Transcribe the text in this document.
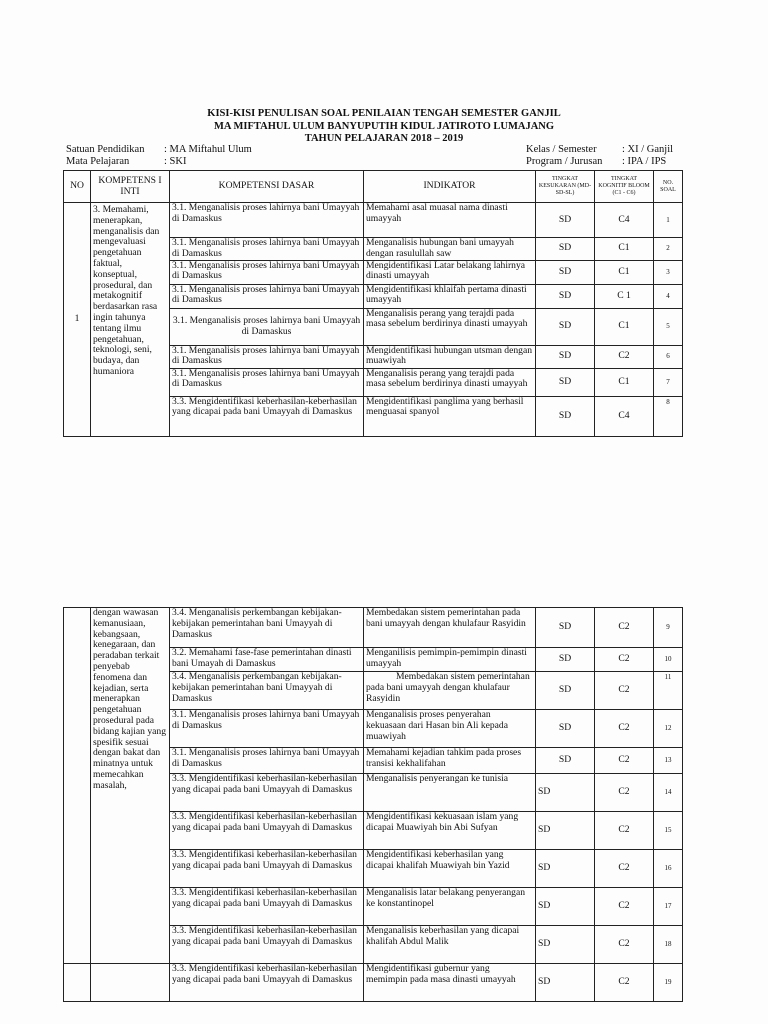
KISI-KISI PENULISAN SOAL PENILAIAN TENGAH SEMESTER GANJIL
MA MIFTAHUL ULUM BANYUPUTIH KIDUL JATIROTO LUMAJANG
TAHUN PELAJARAN 2018 – 2019
Satuan Pendidikan : MA Miftahul Ulum
Mata Pelajaran	: SKI
Kelas / Semester : XI / Ganjil
Program / Jurusan : IPA / IPS
NO	KOMPETENS I INTI	KOMPETENSI DASAR	INDIKATOR	TINGKAT KESUKARAN (MD-SD-SL)	TINGKAT KOGNITIF BLOOM (C1 - C6)	NO. SOAL
1	3. Memahami, menerapkan, menganalisis dan mengevaluasi pengetahuan faktual, konseptual, prosedural, dan metakognitif berdasarkan rasa ingin tahunya tentang ilmu pengetahuan, teknologi, seni, budaya, dan humaniora	3.1. Menganalisis proses lahirnya bani Umayyah di Damaskus	Memahami asal muasal nama dinasti umayyah	SD	C4	1
		3.1. Menganalisis proses lahirnya bani Umayyah di Damaskus	Menganalisis hubungan bani umayyah dengan rasulullah saw	SD	C1	2
		3.1. Menganalisis proses lahirnya bani Umayyah di Damaskus	Mengidentifikasi Latar belakang lahirnya dinasti umayyah	SD	C1	3
		3.1. Menganalisis proses lahirnya bani Umayyah di Damaskus	Mengidentifikasi khlaifah pertama dinasti umayyah	SD	C 1	4
		3.1. Menganalisis proses lahirnya bani Umayyah di Damaskus	Menganalisis perang yang terajdi pada masa sebelum berdirinya dinasti umayyah	SD	C1	5
		3.1. Menganalisis proses lahirnya bani Umayyah di Damaskus	Mengidentifikasi hubungan utsman dengan muawiyah	SD	C2	6
		3.1. Menganalisis proses lahirnya bani Umayyah di Damaskus	Menganalisis perang yang terajdi pada masa sebelum berdirinya dinasti umayyah	SD	C1	7
		3.3. Mengidentifikasi keberhasilan-keberhasilan yang dicapai pada bani Umayyah di Damaskus	Mengidentifikasi panglima yang berhasil menguasai spanyol	SD	C4	8
	dengan wawasan kemanusiaan, kebangsaan, kenegaraan, dan peradaban terkait penyebab fenomena dan kejadian, serta menerapkan pengetahuan prosedural pada bidang kajian yang spesifik sesuai dengan bakat dan minatnya untuk memecahkan masalah,	3.4. Menganalisis perkembangan kebijakan-kebijakan pemerintahan bani Umayyah di Damaskus	Membedakan sistem pemerintahan pada bani umayyah dengan khulafaur Rasyidin	SD	C2	9
		3.2. Memahami fase-fase pemerintahan dinasti bani Umayah di Damaskus	Menganilisis pemimpin-pemimpin dinasti umayyah	SD	C2	10
		3.4. Menganalisis perkembangan kebijakan-kebijakan pemerintahan bani Umayyah di Damaskus	Membedakan sistem pemerintahan pada bani umayyah dengan khulafaur Rasyidin	SD	C2	11
		3.1. Menganalisis proses lahirnya bani Umayyah di Damaskus	Menganalisis proses penyerahan kekuasaan dari Hasan bin Ali kepada muawiyah	SD	C2	12
		3.1. Menganalisis proses lahirnya bani Umayyah di Damaskus	Memahami kejadian tahkim pada proses transisi kekhalifahan	SD	C2	13
		3.3. Mengidentifikasi keberhasilan-keberhasilan yang dicapai pada bani Umayyah di Damaskus	Menganalisis penyerangan ke tunisia	SD	C2	14
		3.3. Mengidentifikasi keberhasilan-keberhasilan yang dicapai pada bani Umayyah di Damaskus	Mengidentifikasi kekuasaan islam yang dicapai Muawiyah bin Abi Sufyan	SD	C2	15
		3.3. Mengidentifikasi keberhasilan-keberhasilan yang dicapai pada bani Umayyah di Damaskus	Mengidentifikasi keberhasilan yang dicapai khalifah Muawiyah bin Yazid	SD	C2	16
		3.3. Mengidentifikasi keberhasilan-keberhasilan yang dicapai pada bani Umayyah di Damaskus	Menganalisis latar belakang penyerangan ke konstantinopel	SD	C2	17
		3.3. Mengidentifikasi keberhasilan-keberhasilan yang dicapai pada bani Umayyah di Damaskus	Menganalisis keberhasilan yang dicapai khalifah Abdul Malik	SD	C2	18
		3.3. Mengidentifikasi keberhasilan-keberhasilan yang dicapai pada bani Umayyah di Damaskus	Mengidentifikasi gubernur yang memimpin pada masa dinasti umayyah	SD	C2	19
